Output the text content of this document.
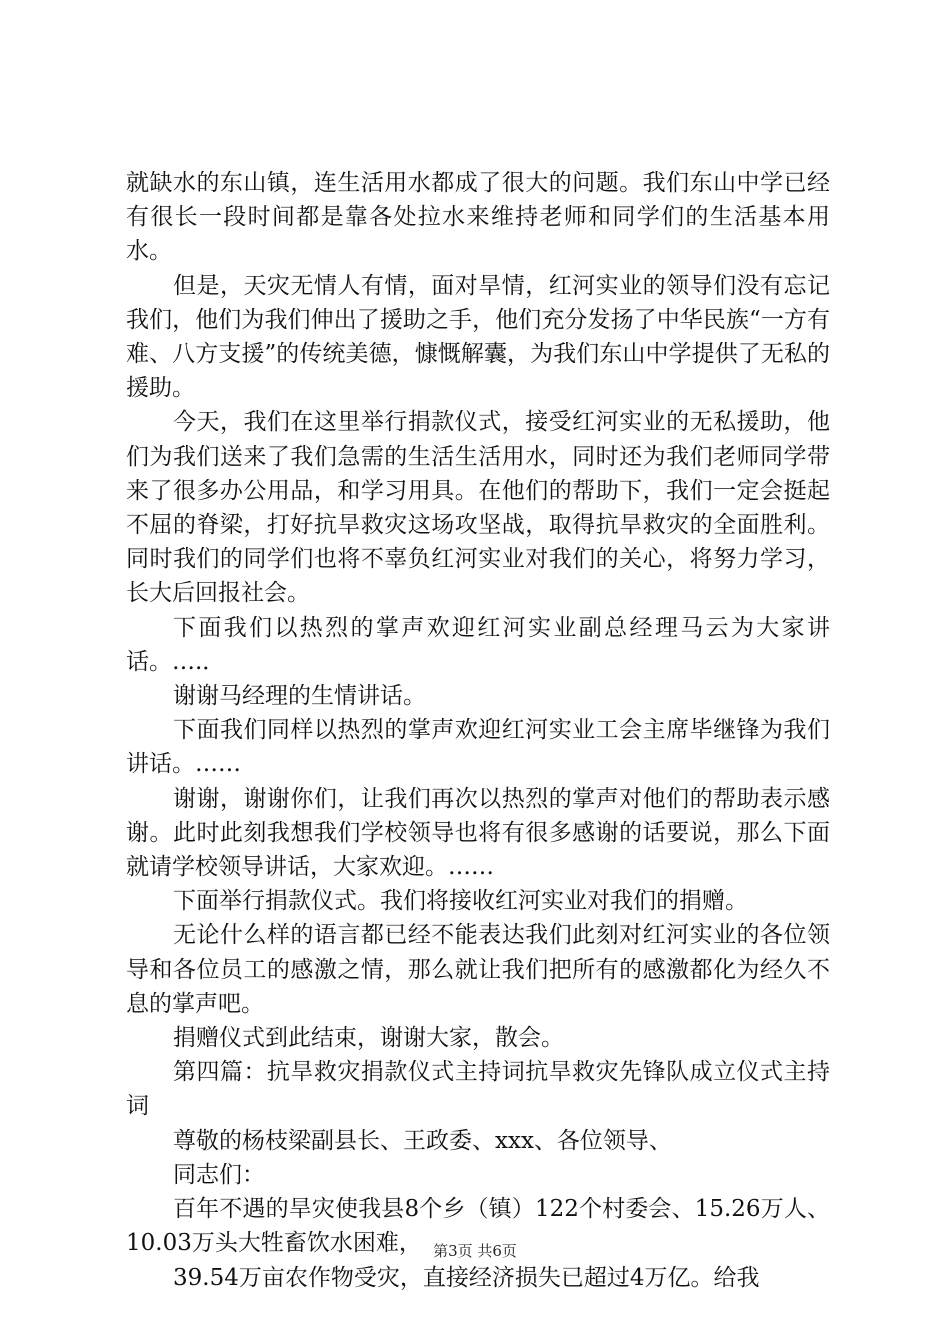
就缺水的东山镇，连生活用水都成了很大的问题。我们东山中学已经有很长一段时间都是靠各处拉水来维持老师和同学们的生活基本用水。

但是，天灾无情人有情，面对旱情，红河实业的领导们没有忘记我们，他们为我们伸出了援助之手，他们充分发扬了中华民族“一方有难、八方支援”的传统美德，慷慨解囊，为我们东山中学提供了无私的援助。

今天，我们在这里举行捐款仪式，接受红河实业的无私援助，他们为我们送来了我们急需的生活生活用水，同时还为我们老师同学带来了很多办公用品，和学习用具。在他们的帮助下，我们一定会挺起不屈的脊梁，打好抗旱救灾这场攻坚战，取得抗旱救灾的全面胜利。同时我们的同学们也将不辜负红河实业对我们的关心，将努力学习，长大后回报社会。

下面我们以热烈的掌声欢迎红河实业副总经理马云为大家讲话。….．

谢谢马经理的生情讲话。

下面我们同样以热烈的掌声欢迎红河实业工会主席毕继锋为我们讲话。……

谢谢，谢谢你们，让我们再次以热烈的掌声对他们的帮助表示感谢。此时此刻我想我们学校领导也将有很多感谢的话要说，那么下面就请学校领导讲话，大家欢迎。……

下面举行捐款仪式。我们将接收红河实业对我们的捐赠。

无论什么样的语言都已经不能表达我们此刻对红河实业的各位领导和各位员工的感激之情，那么就让我们把所有的感激都化为经久不息的掌声吧。

捐赠仪式到此结束，谢谢大家，散会。

第四篇：抗旱救灾捐款仪式主持词抗旱救灾先锋队成立仪式主持词

尊敬的杨枝梁副县长、王政委、xxx、各位领导、

同志们：

百年不遇的旱灾使我县8个乡（镇）122个村委会、15.26万人、10.03万头大牲畜饮水困难，

39.54万亩农作物受灾，直接经济损失已超过4万亿。给我

第3页 共6页
